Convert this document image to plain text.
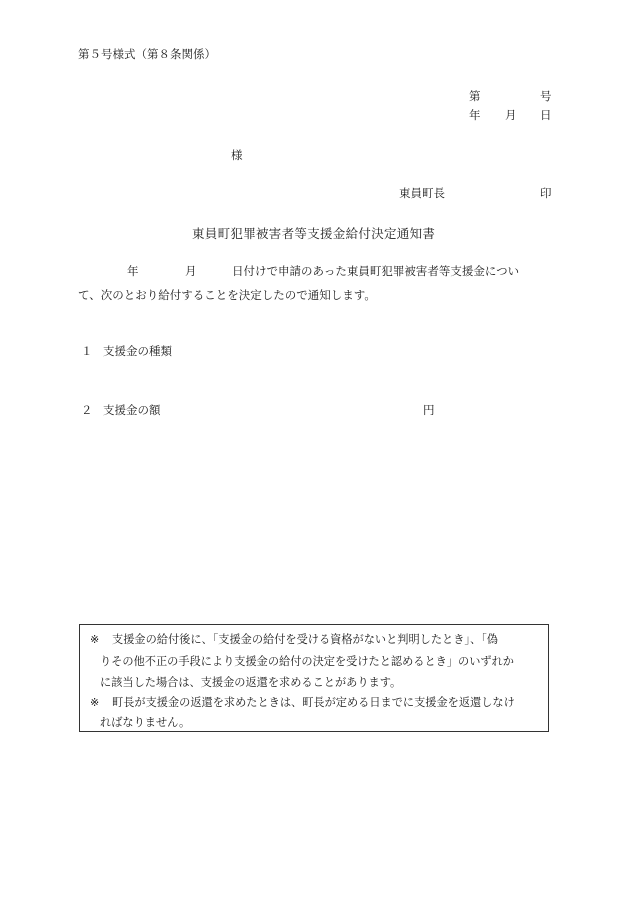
第５号様式（第８条関係）
第	号
年 月 日
様
東員町長	印
東員町犯罪被害者等支援金給付決定通知書
年	月	日付けで申請のあった東員町犯罪被害者等支援金につい
て、次のとおり給付することを決定したので通知します。
１ 支援金の種類
２ 支援金の額	円
※ 支援金の給付後に、「支援金の給付を受ける資格がないと判明したとき」、「偽
りその他不正の手段により支援金の給付の決定を受けたと認めるとき」のいずれか
に該当した場合は、支援金の返還を求めることがあります。
※ 町長が支援金の返還を求めたときは、町長が定める日までに支援金を返還しなけ
ればなりません。
